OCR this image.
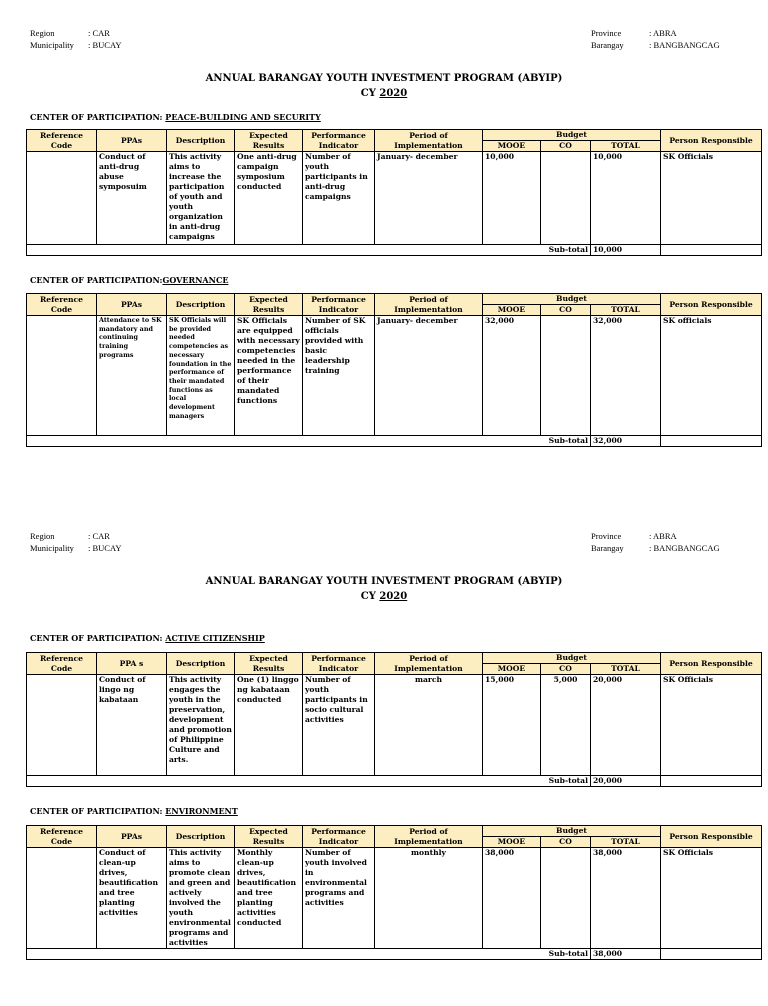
Region	: CAR
Municipality : BUCAY
Province	: ABRA
Barangay	: BANGBANGCAG
ANNUAL BARANGAY YOUTH INVESTMENT PROGRAM (ABYIP)
CY 2020
CENTER OF PARTICIPATION: PEACE-BUILDING AND SECURITY
Reference Code	PPAs	Description	Expected Results	Performance Indicator	Period of Implementation	Budget			Person Responsible
						MOOE	CO	TOTAL	
	Conduct of anti-drug abuse symposuim	This activity aims to increase the participation of youth and youth organization in anti-drug campaigns	One anti-drug campaign symposium conducted	Number of youth participants in anti-drug campaigns	January- december	10,000		10,000	SK Officials
Sub-total								10,000	
CENTER OF PARTICIPATION:GOVERNANCE
Reference Code	PPAs	Description	Expected Results	Performance Indicator	Period of Implementation	Budget			Person Responsible
						MOOE	CO	TOTAL	
	Attendance to SK mandatory and continuing training programs	SK Officials will be provided needed competencies as necessary foundation in the performance of their mandated functions as local development managers	SK Officials are equipped with necessary competencies needed in the performance of their mandated functions	Number of SK officials provided with basic leadership training	January- december	32,000		32,000	SK officials
Sub-total								32,000	
Region	: CAR
Municipality : BUCAY
Province	: ABRA
Barangay	: BANGBANGCAG
ANNUAL BARANGAY YOUTH INVESTMENT PROGRAM (ABYIP)
CY 2020
CENTER OF PARTICIPATION: ACTIVE CITIZENSHIP
Reference Code	PPA s	Description	Expected Results	Performance Indicator	Period of Implementation	Budget			Person Responsible
						MOOE	CO	TOTAL	
	Conduct of lingo ng kabataan	This activity engages the youth in the preservation, development and promotion of Philippine Culture and arts.	One (1) linggo ng kabataan conducted	Number of youth participants in socio cultural activities	march	15,000	5,000	20,000	SK Officials
Sub-total								20,000	
CENTER OF PARTICIPATION: ENVIRONMENT
Reference Code	PPAs	Description	Expected Results	Performance Indicator	Period of Implementation	Budget			Person Responsible
						MOOE	CO	TOTAL	
	Conduct of clean-up drives, beautification and tree planting activities	This activity aims to promote clean and green and actively involved the youth environmental programs and activities	Monthly clean-up drives, beautification and tree planting activities conducted	Number of youth involved in environmental programs and activities	monthly	38,000		38,000	SK Officials
Sub-total								38,000	
